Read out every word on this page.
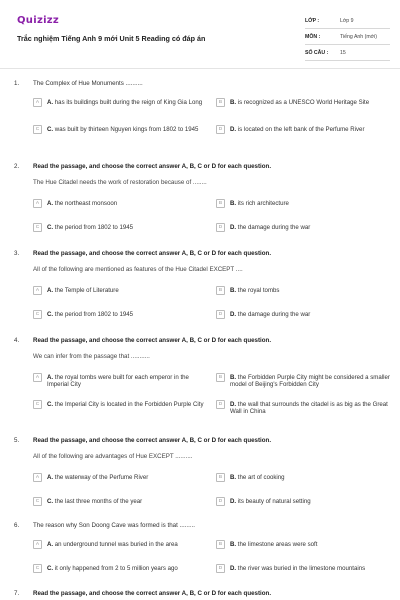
Quizizz
Trắc nghiệm Tiếng Anh 9 mới Unit 5 Reading có đáp án
LỚP :	Lớp 9
MÔN :	Tiếng Anh (mới)
SỐ CÂU : 15
1. The Complex of Hue Monuments ..........
A	A. has its buildings built during the reign of King Gia Long	B	B. is recognized as a UNESCO World Heritage Site
C	C. was built by thirteen Nguyen kings from 1802 to 1945	D	D. is located on the left bank of the Perfume River
2. Read the passage, and choose the correct answer A, B, C or D for each question.
The Hue Citadel needs the work of restoration because of ........
A	A. the northeast monsoon	B	B. its rich architecture
C	C. the period from 1802 to 1945	D	D. the damage during the war
3. Read the passage, and choose the correct answer A, B, C or D for each question.
All of the following are mentioned as features of the Hue Citadel EXCEPT ....
A	A. the Temple of Literature	B	B. the royal tombs
C	C. the period from 1802 to 1945	D	D. the damage during the war
4. Read the passage, and choose the correct answer A, B, C or D for each question.
We can infer from the passage that ...........
A	A. the royal tombs were built for each emperor in the Imperial City
B	B. the Forbidden Purple City might be considered a smaller model of Beijing's Forbidden City
C	C. the Imperial City is located in the Forbidden Purple City	D	D. the wall that surrounds the citadel is as big as the Great Wall in China
5. Read the passage, and choose the correct answer A, B, C or D for each question.
All of the following are advantages of Hue EXCEPT ..........
A	A. the waterway of the Perfume River	B	B. the art of cooking
C	C. the last three months of the year	D	D. its beauty of natural setting
6. The reason why Son Doong Cave was formed is that .........
A	A. an underground tunnel was buried in the area	B	B. the limestone areas were soft
C	C. it only happened from 2 to 5 million years ago	D	D. the river was buried in the limestone mountains
7. Read the passage, and choose the correct answer A, B, C or D for each question.
